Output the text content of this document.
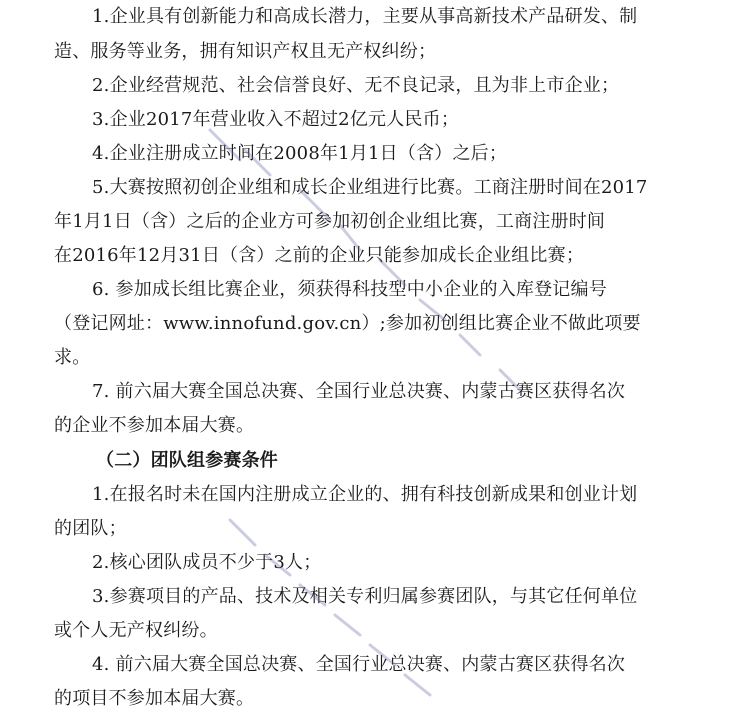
1.企业具有创新能力和高成长潜力，主要从事高新技术产品研发、制
造、服务等业务，拥有知识产权且无产权纠纷；
2.企业经营规范、社会信誉良好、无不良记录，且为非上市企业；
3.企业2017年营业收入不超过2亿元人民币；
4.企业注册成立时间在2008年1月1日（含）之后；
5.大赛按照初创企业组和成长企业组进行比赛。工商注册时间在2017
年1月1日（含）之后的企业方可参加初创企业组比赛，工商注册时间
在2016年12月31日（含）之前的企业只能参加成长企业组比赛；
6. 参加成长组比赛企业，须获得科技型中小企业的入库登记编号
（登记网址：www.innofund.gov.cn）;参加初创组比赛企业不做此项要
求。
7. 前六届大赛全国总决赛、全国行业总决赛、内蒙古赛区获得名次
的企业不参加本届大赛。
（二）团队组参赛条件
1.在报名时未在国内注册成立企业的、拥有科技创新成果和创业计划
的团队；
2.核心团队成员不少于3人；
3.参赛项目的产品、技术及相关专利归属参赛团队，与其它任何单位
或个人无产权纠纷。
4. 前六届大赛全国总决赛、全国行业总决赛、内蒙古赛区获得名次
的项目不参加本届大赛。
